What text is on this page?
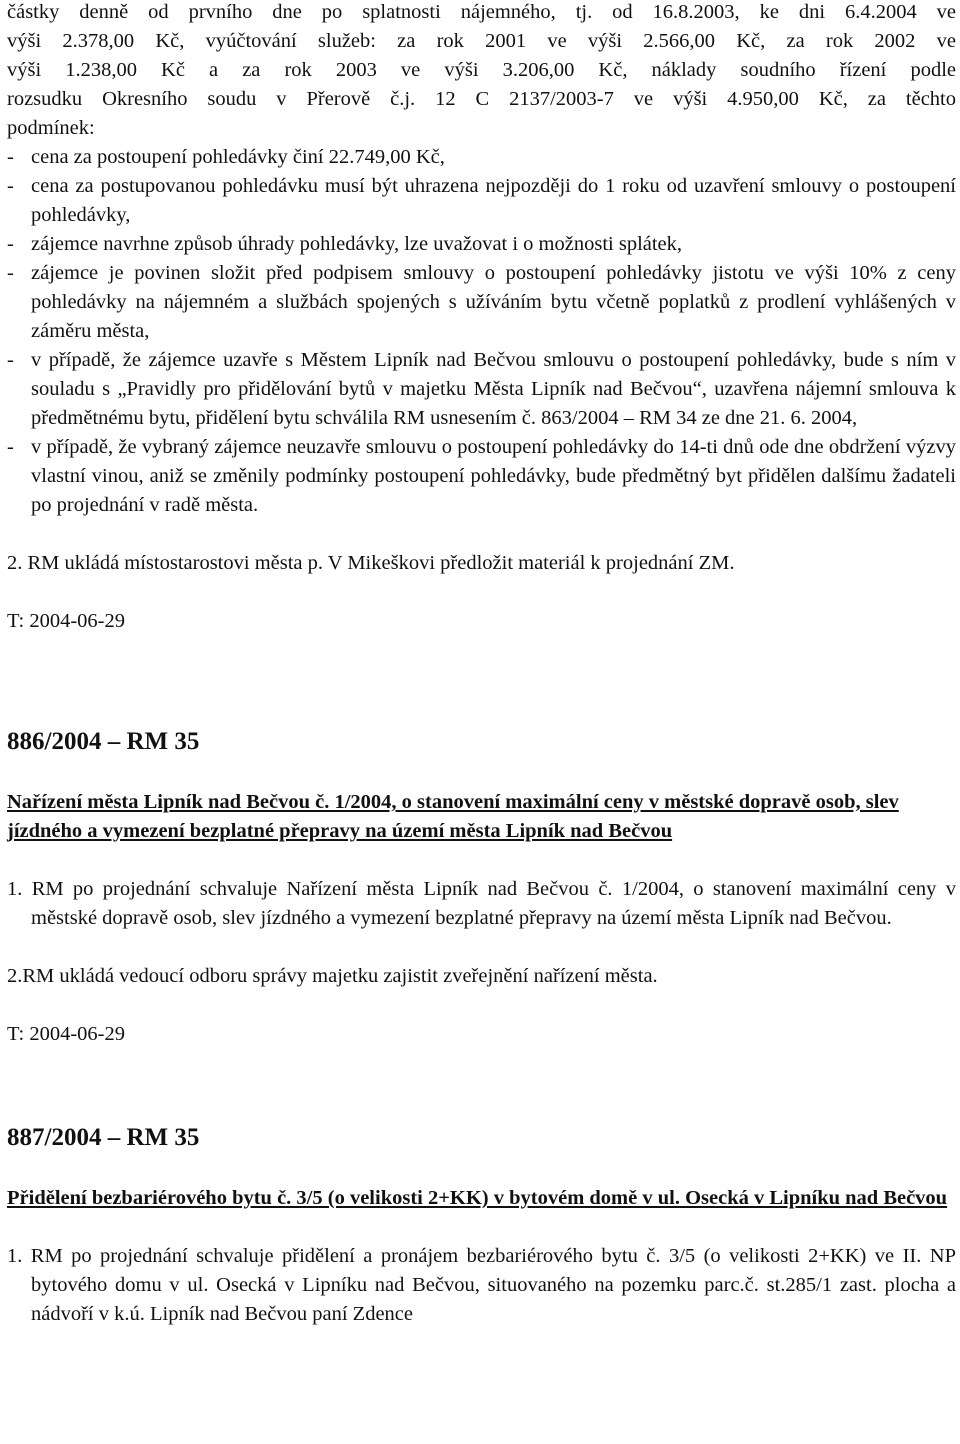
částky denně od prvního dne po splatnosti nájemného, tj. od 16.8.2003, ke dni 6.4.2004 ve

výši 2.378,00 Kč, vyúčtování služeb: za rok 2001 ve výši 2.566,00 Kč, za rok 2002 ve

výši 1.238,00 Kč a za rok 2003 ve výši 3.206,00 Kč, náklady soudního řízení podle

rozsudku Okresního soudu v Přerově č.j. 12 C 2137/2003-7 ve výši 4.950,00 Kč, za těchto

podmínek:

- cena za postoupení pohledávky činí 22.749,00 Kč,
- cena za postupovanou pohledávku musí být uhrazena nejpozději do 1 roku od uzavření smlouvy o postoupení pohledávky,
- zájemce navrhne způsob úhrady pohledávky, lze uvažovat i o možnosti splátek,
- zájemce je povinen složit před podpisem smlouvy o postoupení pohledávky jistotu ve výši 10% z ceny pohledávky na nájemném a službách spojených s užíváním bytu včetně poplatků z prodlení vyhlášených v záměru města,
- v případě, že zájemce uzavře s Městem Lipník nad Bečvou smlouvu o postoupení pohledávky, bude s ním v souladu s „Pravidly pro přidělování bytů v majetku Města Lipník nad Bečvou“, uzavřena nájemní smlouva k předmětnému bytu, přidělení bytu schválila RM usnesením č. 863/2004 – RM 34 ze dne 21. 6. 2004,
- v případě, že vybraný zájemce neuzavře smlouvu o postoupení pohledávky do 14-ti dnů ode dne obdržení výzvy vlastní vinou, aniž se změnily podmínky postoupení pohledávky, bude předmětný byt přidělen dalšímu žadateli po projednání v radě města.

2. RM ukládá místostarostovi města p. V Mikeškovi předložit materiál k projednání ZM.

T: 2004-06-29

886/2004 – RM 35

Nařízení města Lipník nad Bečvou č. 1/2004, o stanovení maximální ceny v městské dopravě osob, slev jízdného a vymezení bezplatné přepravy na území města Lipník nad Bečvou

1. RM po projednání schvaluje Nařízení města Lipník nad Bečvou č. 1/2004, o stanovení maximální ceny v městské dopravě osob, slev jízdného a vymezení bezplatné přepravy na území města Lipník nad Bečvou.

2.RM ukládá vedoucí odboru správy majetku zajistit zveřejnění nařízení města.

T: 2004-06-29

887/2004 – RM 35

Přidělení bezbariérového bytu č. 3/5 (o velikosti 2+KK) v bytovém domě v ul. Osecká v Lipníku nad Bečvou

1. RM po projednání schvaluje přidělení a pronájem bezbariérového bytu č. 3/5 (o velikosti 2+KK) ve II. NP bytového domu v ul. Osecká v Lipníku nad Bečvou, situovaného na pozemku parc.č. st.285/1 zast. plocha a nádvoří v k.ú. Lipník nad Bečvou paní Zdence
